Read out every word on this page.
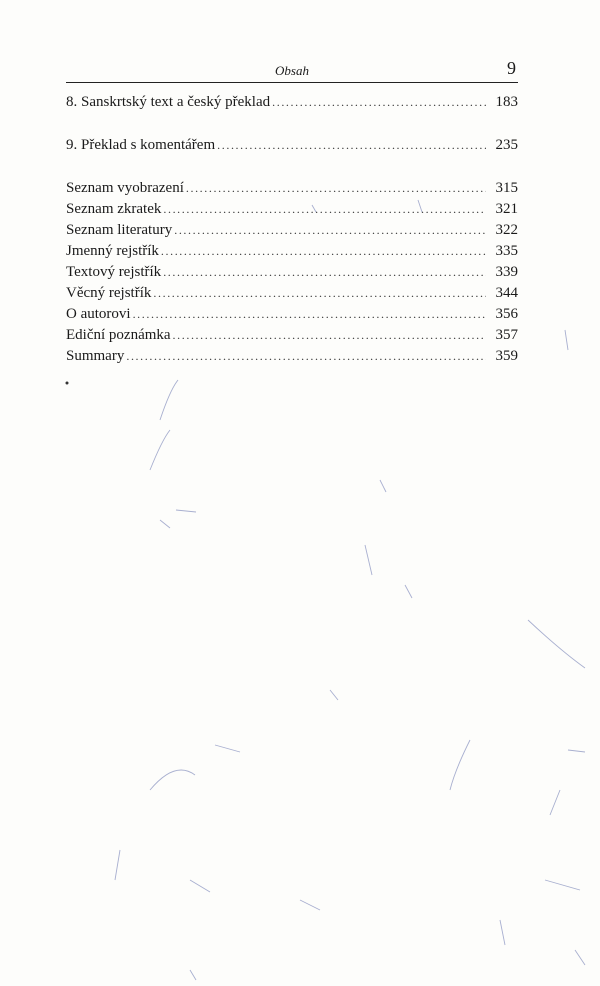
Obsah	9
8. Sanskrtský text a český překlad .....	183
9. Překlad s komentářem .....	235
Seznam vyobrazení .....	315
Seznam zkratek .....	321
Seznam literatury .....	322
Jmenný rejstřík .....	335
Textový rejstřík .....	339
Věcný rejstřík .....	344
O autorovi .....	356
Ediční poznámka .....	357
Summary .....	359
